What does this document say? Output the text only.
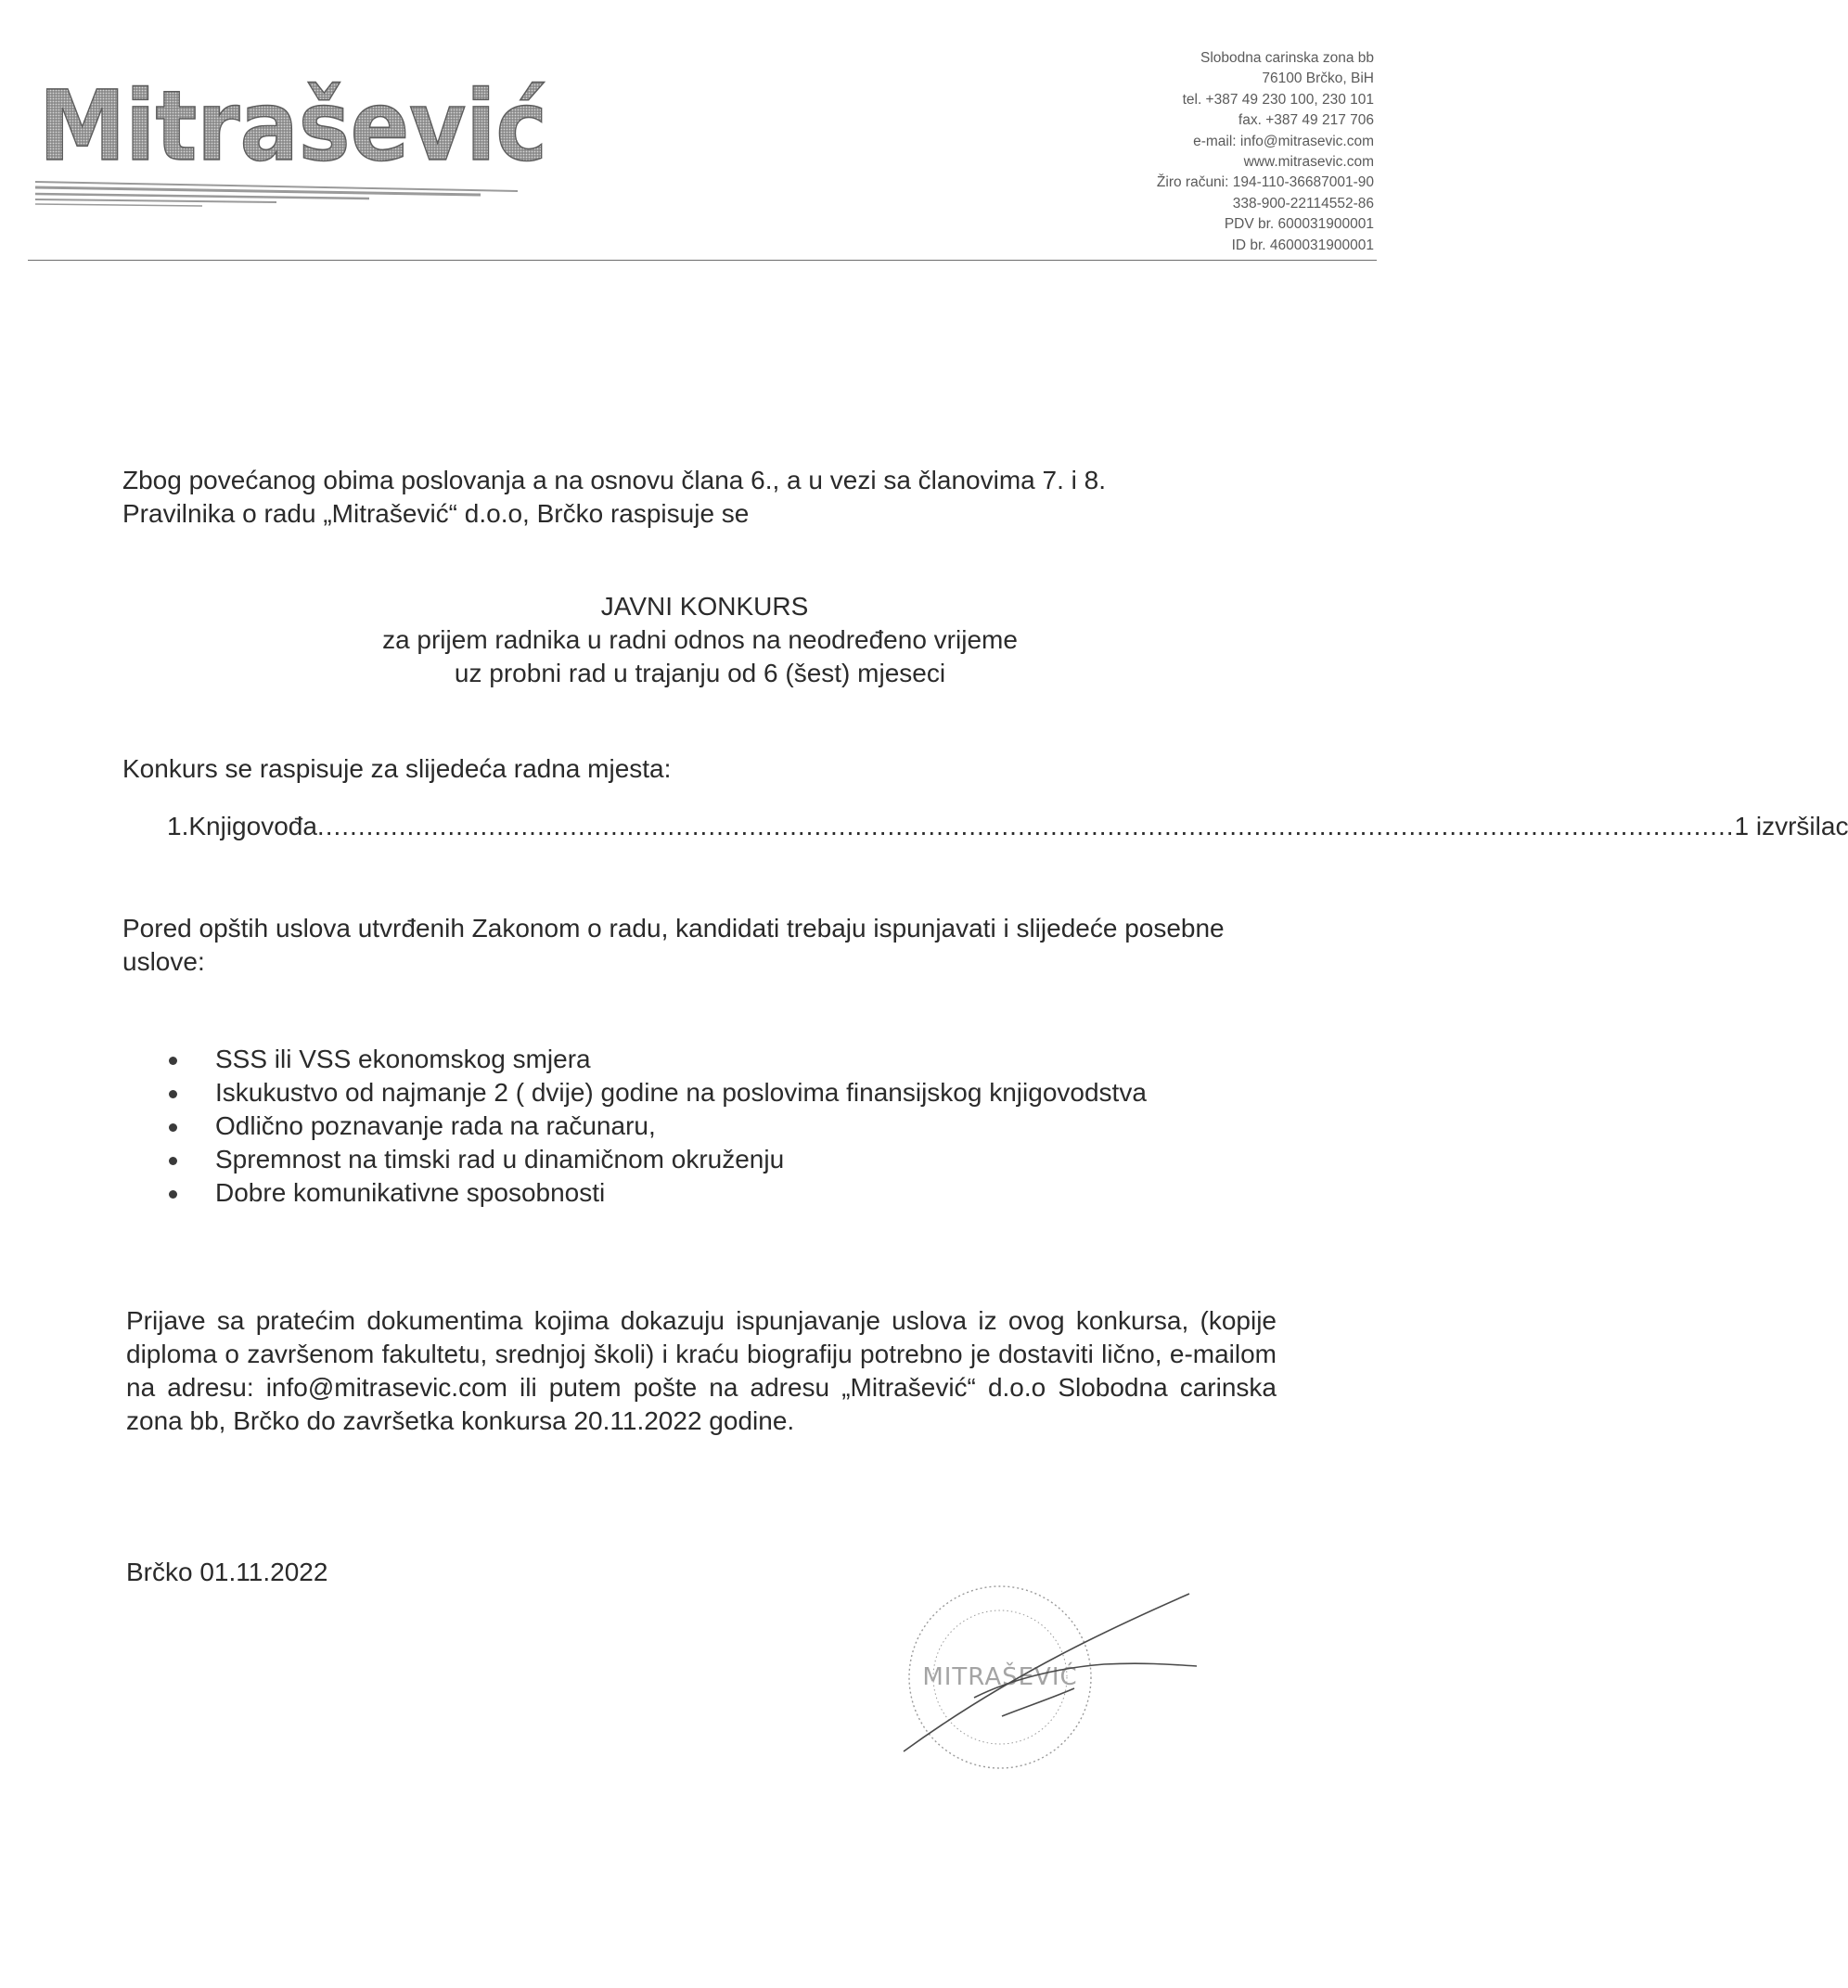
Mitrašević
Slobodna carinska zona bb
76100 Brčko, BiH
tel. +387 49 230 100, 230 101
fax. +387 49 217 706
e-mail: info@mitrasevic.com
www.mitrasevic.com
Žiro računi: 194-110-36687001-90
338-900-22114552-86
PDV br. 600031900001
ID br. 4600031900001
Zbog povećanog obima poslovanja a na osnovu člana 6., a u vezi sa članovima 7. i 8. Pravilnika o radu „Mitrašević“ d.o.o, Brčko raspisuje se
JAVNI KONKURS
za prijem radnika u radni odnos na neodređeno vrijeme
uz probni rad u trajanju od 6 (šest) mjeseci
Konkurs se raspisuje za slijedeća radna mjesta:
1. Knjigovođa .............................................................................................................................................................................. 1 izvršilac
Pored opštih uslova utvrđenih Zakonom o radu, kandidati trebaju ispunjavati i slijedeće posebne uslove:
SSS ili VSS ekonomskog smjera
Iskukustvo od najmanje 2 ( dvije) godine na poslovima finansijskog knjigovodstva
Odlično poznavanje rada na računaru,
Spremnost na timski rad u dinamičnom okruženju
Dobre komunikativne sposobnosti
Prijave sa pratećim dokumentima kojima dokazuju ispunjavanje uslova iz ovog konkursa, (kopije diploma o završenom fakultetu, srednjoj školi) i kraću biografiju potrebno je dostaviti lično, e-mailom na adresu: info@mitrasevic.com ili putem pošte na adresu „Mitrašević“ d.o.o Slobodna carinska zona bb, Brčko do završetka konkursa 20.11.2022 godine.
Brčko 01.11.2022
MITRAŠEVIĆ
